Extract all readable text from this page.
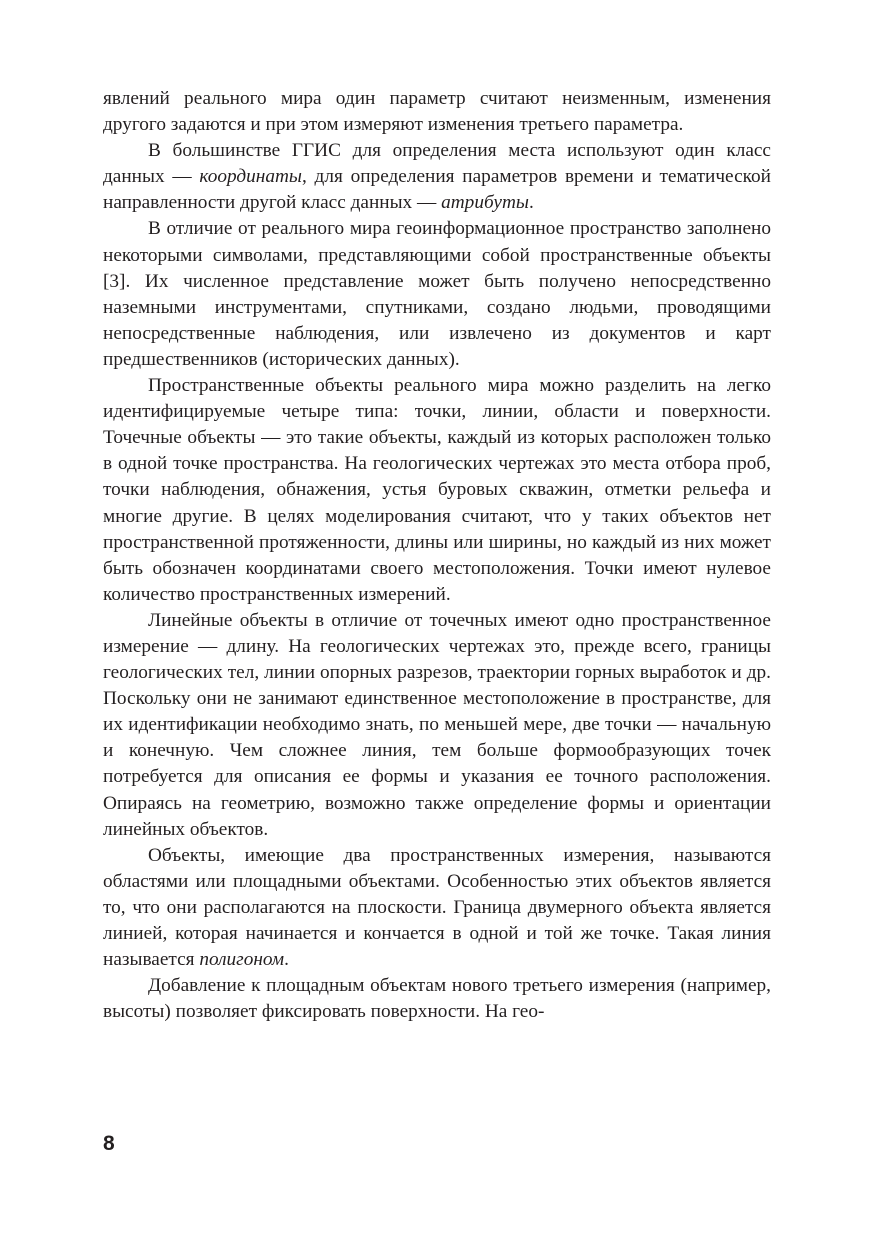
явлений реального мира один параметр считают неизменным, изменения другого задаются и при этом измеряют изменения третьего параметра.

В большинстве ГГИС для определения места используют один класс данных — координаты, для определения параметров времени и тематической направленности другой класс данных — атрибуты.

В отличие от реального мира геоинформационное пространство заполнено некоторыми символами, представляющими собой пространственные объекты [3]. Их численное представление может быть получено непосредственно наземными инструментами, спутниками, создано людьми, проводящими непосредственные наблюдения, или извлечено из документов и карт предшественников (исторических данных).

Пространственные объекты реального мира можно разделить на легко идентифицируемые четыре типа: точки, линии, области и поверхности. Точечные объекты — это такие объекты, каждый из которых расположен только в одной точке пространства. На геологических чертежах это места отбора проб, точки наблюдения, обнажения, устья буровых скважин, отметки рельефа и многие другие. В целях моделирования считают, что у таких объектов нет пространственной протяженности, длины или ширины, но каждый из них может быть обозначен координатами своего местоположения. Точки имеют нулевое количество пространственных измерений.

Линейные объекты в отличие от точечных имеют одно пространственное измерение — длину. На геологических чертежах это, прежде всего, границы геологических тел, линии опорных разрезов, траектории горных выработок и др. Поскольку они не занимают единственное местоположение в пространстве, для их идентификации необходимо знать, по меньшей мере, две точки — начальную и конечную. Чем сложнее линия, тем больше формообразующих точек потребуется для описания ее формы и указания ее точного расположения. Опираясь на геометрию, возможно также определение формы и ориентации линейных объектов.

Объекты, имеющие два пространственных измерения, называются областями или площадными объектами. Особенностью этих объектов является то, что они располагаются на плоскости. Граница двумерного объекта является линией, которая начинается и кончается в одной и той же точке. Такая линия называется полигоном.

Добавление к площадным объектам нового третьего измерения (например, высоты) позволяет фиксировать поверхности. На гео-

8
